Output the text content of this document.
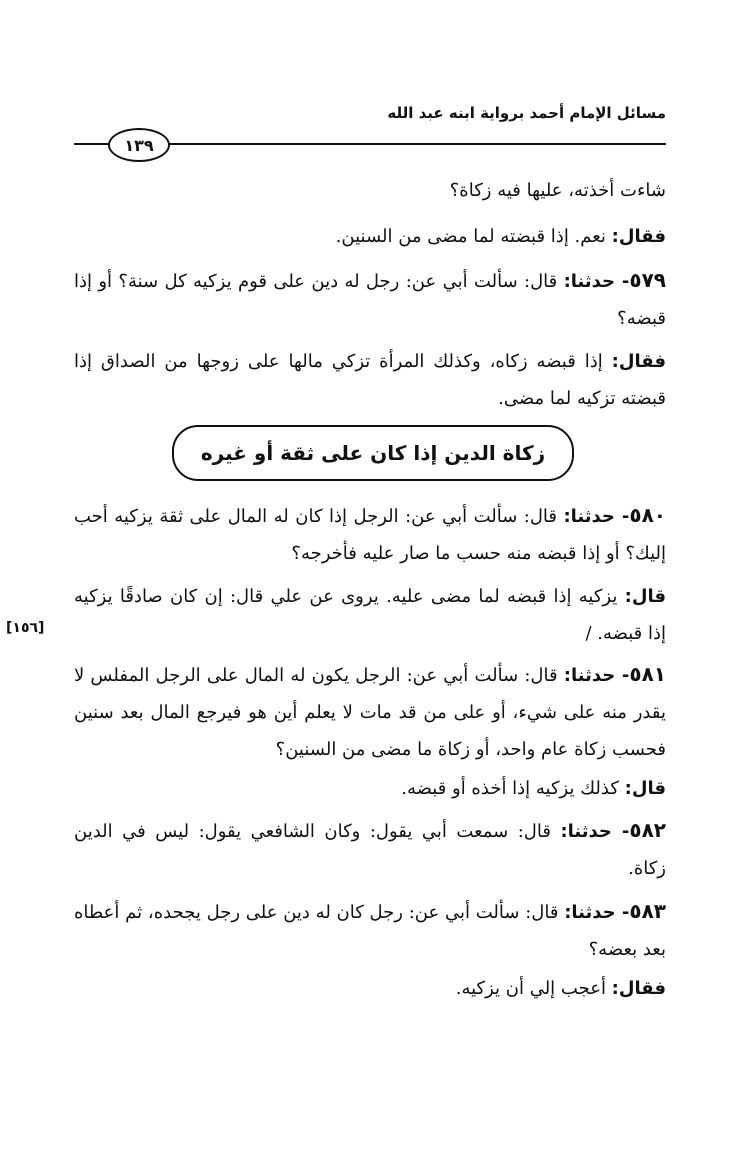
مسائل الإمام أحمد برواية ابنه عبد الله
١٣٩
شاءت أخذته، عليها فيه زكاة؟
فقال: نعم. إذا قبضته لما مضى من السنين.
٥٧٩- حدثنا: قال: سألت أبي عن: رجل له دين على قوم يزكيه كل سنة؟ أو إذا قبضه؟
فقال: إذا قبضه زكاه، وكذلك المرأة تزكي مالها على زوجها من الصداق إذا قبضته تزكيه لما مضى.
زكاة الدين إذا كان على ثقة أو غيره
٥٨٠- حدثنا: قال: سألت أبي عن: الرجل إذا كان له المال على ثقة يزكيه أحب إليك؟ أو إذا قبضه منه حسب ما صار عليه فأخرجه؟
[١٥٦]
قال: يزكيه إذا قبضه لما مضى عليه. يروى عن علي قال: إن كان صادقًا يزكيه إذا قبضه. /
٥٨١- حدثنا: قال: سألت أبي عن: الرجل يكون له المال على الرجل المفلس لا يقدر منه على شيء، أو على من قد مات لا يعلم أين هو فيرجع المال بعد سنين فحسب زكاة عام واحد، أو زكاة ما مضى من السنين؟
قال: كذلك يزكيه إذا أخذه أو قبضه.
٥٨٢- حدثنا: قال: سمعت أبي يقول: وكان الشافعي يقول: ليس في الدين زكاة.
٥٨٣- حدثنا: قال: سألت أبي عن: رجل كان له دين على رجل يجحده، ثم أعطاه بعد بعضه؟
فقال: أعجب إلي أن يزكيه.
